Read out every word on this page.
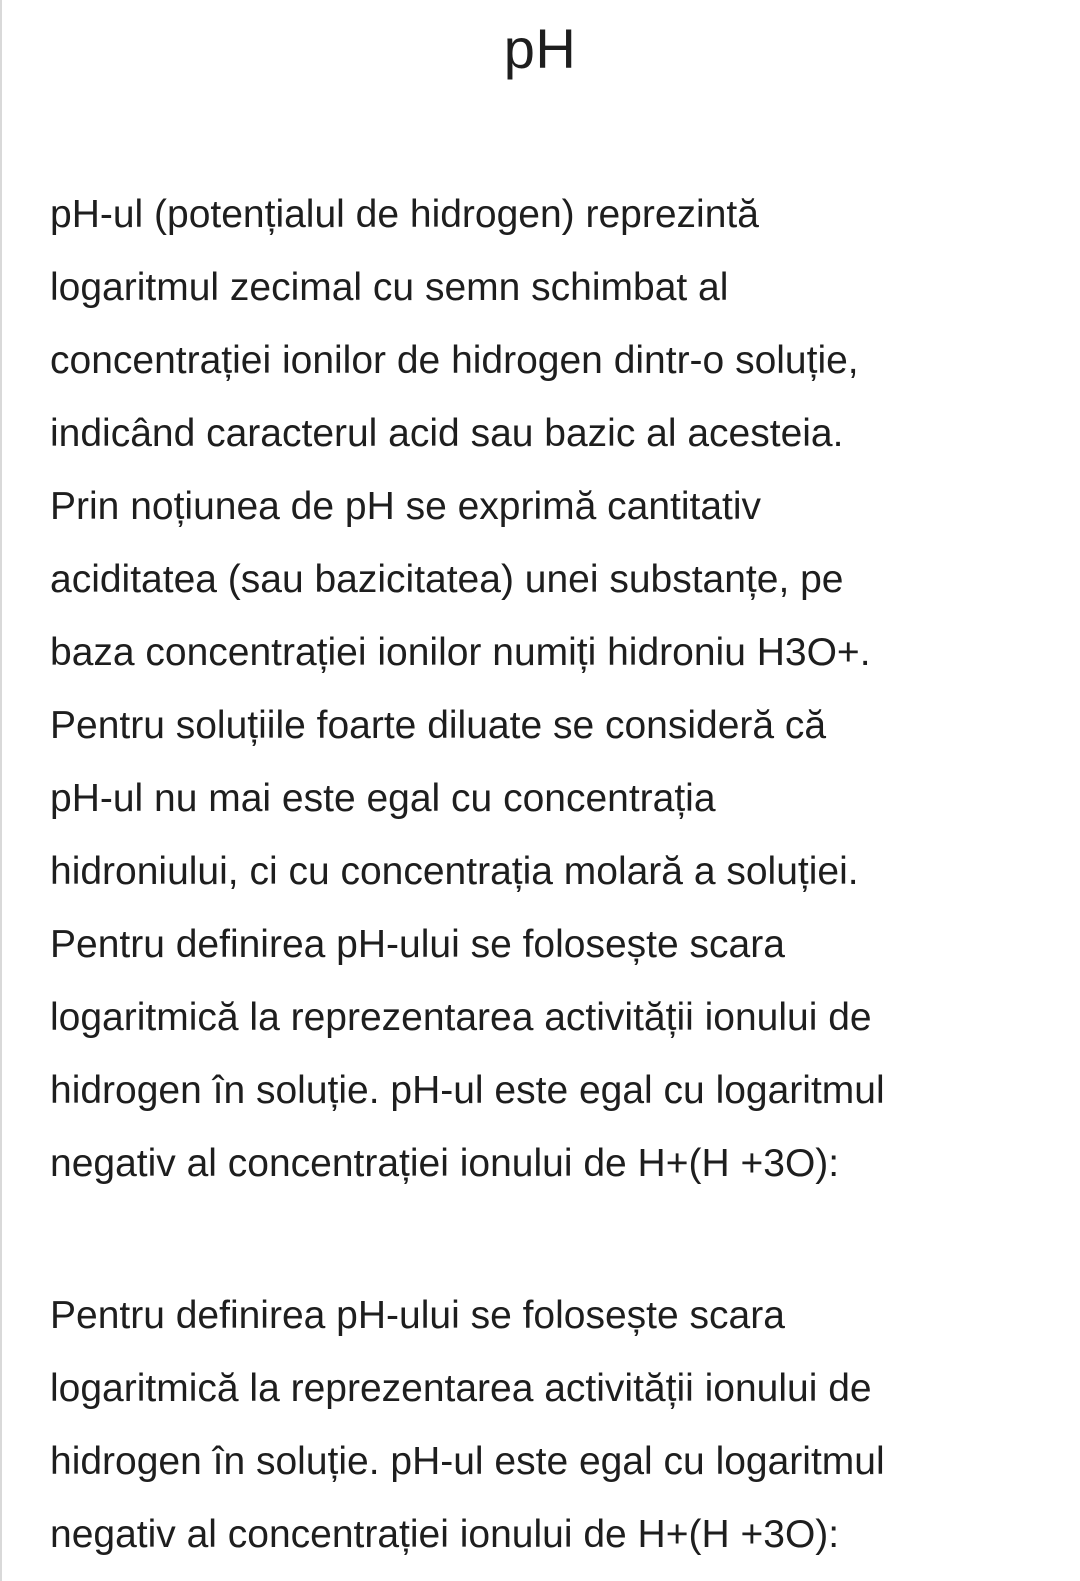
pH

pH-ul (potențialul de hidrogen) reprezintă
logaritmul zecimal cu semn schimbat al
concentrației ionilor de hidrogen dintr-o soluție,
indicând caracterul acid sau bazic al acesteia.
Prin noțiunea de pH se exprimă cantitativ
aciditatea (sau bazicitatea) unei substanțe, pe
baza concentrației ionilor numiți hidroniu H3O+.
Pentru soluțiile foarte diluate se consideră că
pH-ul nu mai este egal cu concentrația
hidroniului, ci cu concentrația molară a soluției.
Pentru definirea pH-ului se folosește scara
logaritmică la reprezentarea activității ionului de
hidrogen în soluție. pH-ul este egal cu logaritmul
negativ al concentrației ionului de H+(H +3O):

Pentru definirea pH-ului se folosește scara
logaritmică la reprezentarea activității ionului de
hidrogen în soluție. pH-ul este egal cu logaritmul
negativ al concentrației ionului de H+(H +3O):
